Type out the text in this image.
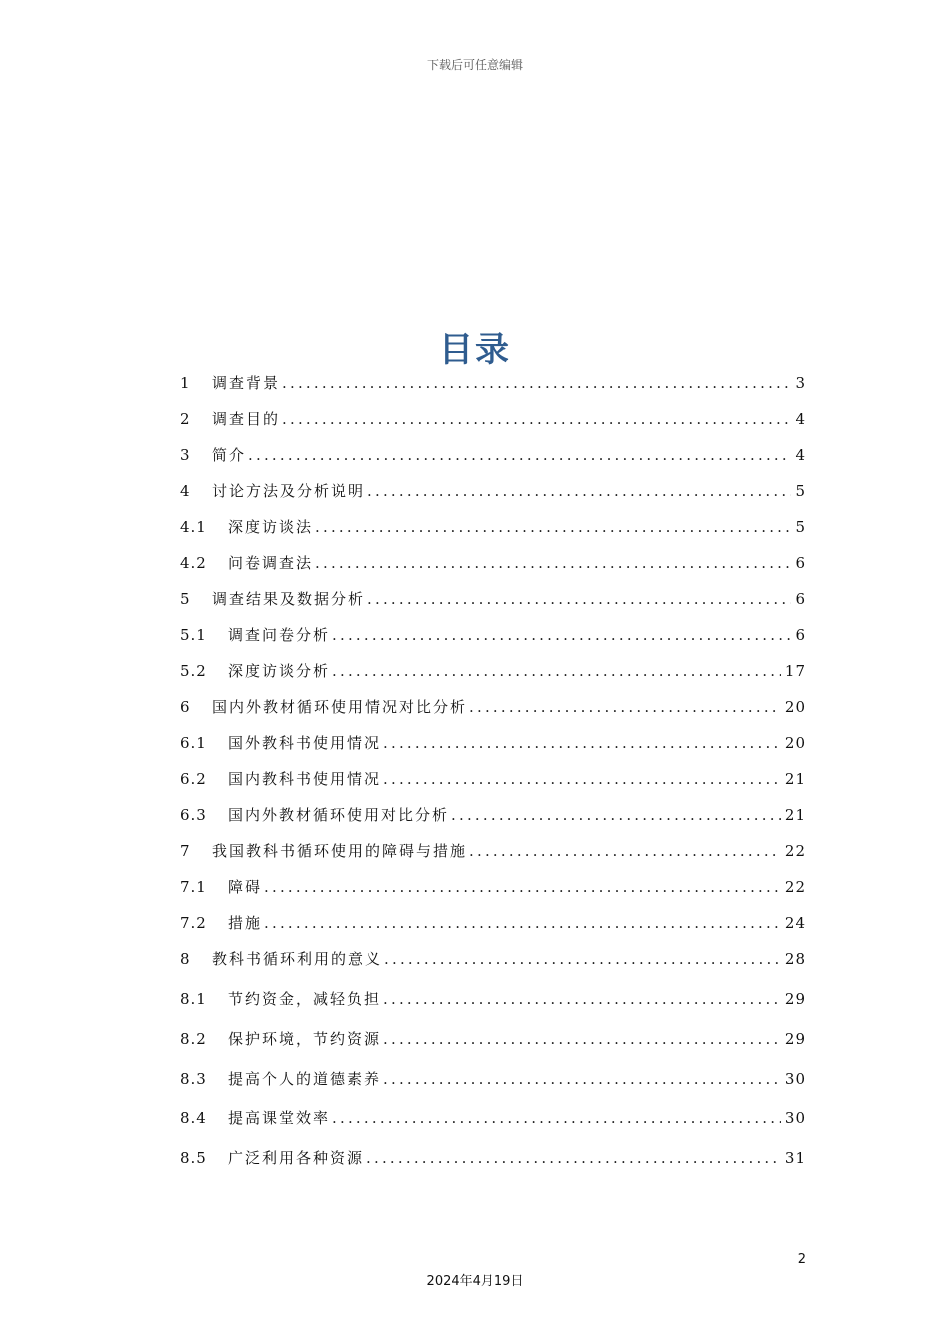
下载后可任意编辑
目录
1	调查背景 .....	3
2	调查目的 .....	4
3	简介 .....	4
4	讨论方法及分析说明 .....	5
4.1	深度访谈法 .....	5
4.2	问卷调查法 .....	6
5	调查结果及数据分析 .....	6
5.1	调查问卷分析 .....	6
5.2	深度访谈分析 .....	17
6	国内外教材循环使用情况对比分析 .....	20
6.1	国外教科书使用情况 .....	20
6.2	国内教科书使用情况 .....	21
6.3	国内外教材循环使用对比分析 .....	21
7	我国教科书循环使用的障碍与措施 .....	22
7.1	障碍 .....	22
7.2	措施 .....	24
8	教科书循环利用的意义 .....	28
8.1	节约资金，减轻负担 .....	29
8.2	保护环境，节约资源 .....	29
8.3	提高个人的道德素养 .....	30
8.4	提高课堂效率 .....	30
8.5	广泛利用各种资源 .....	31
2
2024年4月19日
